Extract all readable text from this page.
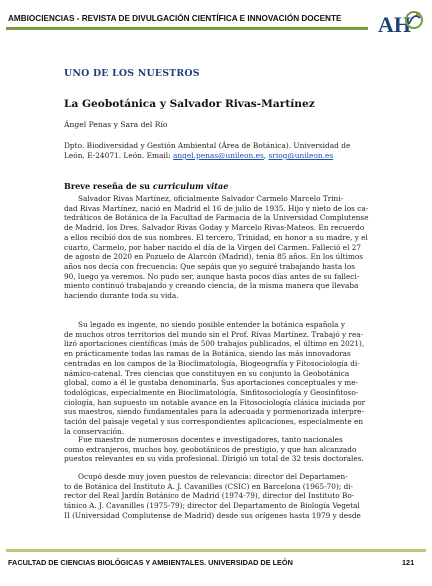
AMBIOCIENCIAS - REVISTA DE DIVULGACIÓN CIENTÍFICA E INNOVACIÓN DOCENTE AH
UNO DE LOS NUESTROS
La Geobotánica y Salvador Rivas-Martínez
Ángel Penas y Sara del Río
Dpto. Biodiversidad y Gestión Ambiental (Área de Botánica). Universidad de
León, E-24071. León. Email: angel.penas@unileon.es, sriog@unileon.es
Breve reseña de su curriculum vitae
Salvador Rivas Martínez, oficialmente Salvador Carmelo Marcelo Trini-
dad Rivas Martínez, nació en Madrid el 16 de julio de 1935. Hijo y nieto de los ca-
tedráticos de Botánica de la Facultad de Farmacia de la Universidad Complutense
de Madrid, los Dres. Salvador Rivas Goday y Marcelo Rivas-Mateos. En recuerdo
a ellos recibió dos de sus nombres. El tercero, Trinidad, en honor a su madre, y el
cuarto, Carmelo, por haber nacido el día de la Virgen del Carmen. Falleció el 27
de agosto de 2020 en Pozuelo de Alarcón (Madrid), tenía 85 años. En los últimos
años nos decía con frecuencia: Que sepáis que yo seguiré trabajando hasta los
90, luego ya veremos. No pudo ser, aunque hasta pocos días antes de su falleci-
miento continuó trabajando y creando ciencia, de la misma manera que llevaba
haciendo durante toda su vida.
Su legado es ingente, no siendo posible entender la botánica española y
de muchos otros territorios del mundo sin el Prof. Rivas Martínez. Trabajó y rea-
lizó aportaciones científicas (más de 500 trabajos publicados, el último en 2021),
en prácticamente todas las ramas de la Botánica, siendo las más innovadoras
centradas en los campos de la Bioclimatología, Biogeografía y Fitosociología di-
námico-catenal. Tres ciencias que constituyen en su conjunto la Geobotánica
global, como a él le gustaba denominarla. Sus aportaciones conceptuales y me-
todológicas, especialmente en Bioclimatología, Sinfitosociología y Geosinfitoso-
ciología, han supuesto un notable avance en la Fitosociología clásica iniciada por
sus maestros, siendo fundamentales para la adecuada y pormenorizada interpre-
tación del paisaje vegetal y sus correspondientes aplicaciones, especialmente en
la conservación.
Fue maestro de numerosos docentes e investigadores, tanto nacionales
como extranjeros, muchos hoy, geobotánicos de prestigio, y que han alcanzado
puestos relevantes en su vida profesional. Dirigió un total de 32 tesis doctorales.
Ocupó desde muy joven puestos de relevancia: director del Departamen-
to de Botánica del Instituto A. J. Cavanilles (CSIC) en Barcelona (1965-70); di-
rector del Real Jardín Botánico de Madrid (1974-79), director del Instituto Bo-
tánico A. J. Cavanilles (1975-79); director del Departamento de Biología Vegetal
II (Universidad Complutense de Madrid) desde sus orígenes hasta 1979 y desde
FACULTAD DE CIENCIAS BIOLÓGICAS Y AMBIENTALES. UNIVERSIDAD DE LEÓN	121
